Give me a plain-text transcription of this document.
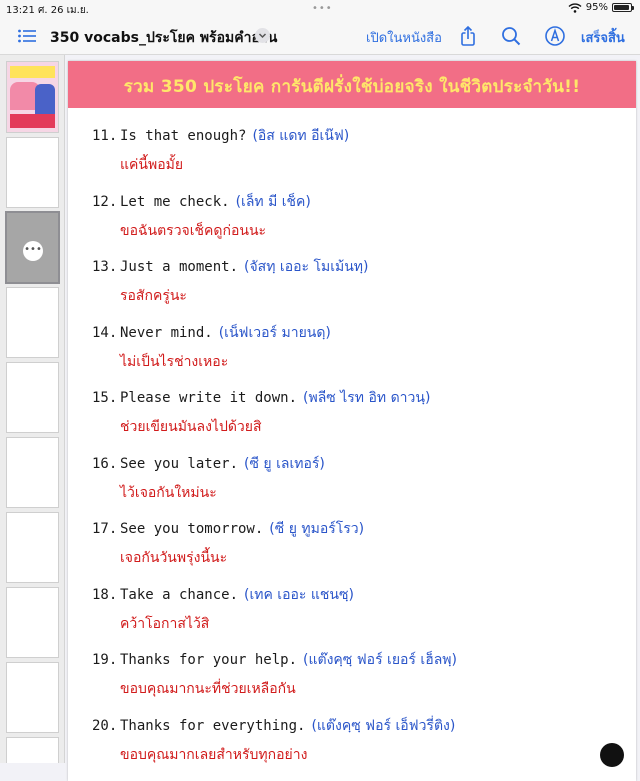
13:21 ศ. 26 เม.ย.	•••	95%
350 vocabs_ประโยค พร้อมคำอ่าน	เปิดในหนังสือ	เสร็จสิ้น
•••
รวม 350 ประโยค การันตีฝรั่งใช้บ่อยจริง ในชีวิตประจำวัน!!
11. Is that enough? (อิส แดท อีเน๊ฟ)
แค่นี้พอมั้ย
12. Let me check. (เล็ท มี เช็ค)
ขอฉันตรวจเช็คดูก่อนนะ
13. Just a moment. (จัสทฺ เออะ โมเม้นทฺ)
รอสักครู่นะ
14. Never mind. (เน็ฟเวอร์ มายนดฺ)
ไม่เป็นไรช่างเหอะ
15. Please write it down. (พลีซ ไรท อิท ดาวนฺ)
ช่วยเขียนมันลงไปด้วยสิ
16. See you later. (ซี ยู เลเทอร์)
ไว้เจอกันใหม่นะ
17. See you tomorrow. (ซี ยู ทูมอร์โรว)
เจอกันวันพรุ่งนี้นะ
18. Take a chance. (เทค เออะ แชนซฺ)
คว้าโอกาสไว้สิ
19. Thanks for your help. (แต๊งคฺซฺ ฟอร์ เยอร์ เฮ็ลพฺ)
ขอบคุณมากนะที่ช่วยเหลือกัน
20. Thanks for everything. (แต๊งคฺซฺ ฟอร์ เอ็ฟวรี่ติง)
ขอบคุณมากเลยสำหรับทุกอย่าง
